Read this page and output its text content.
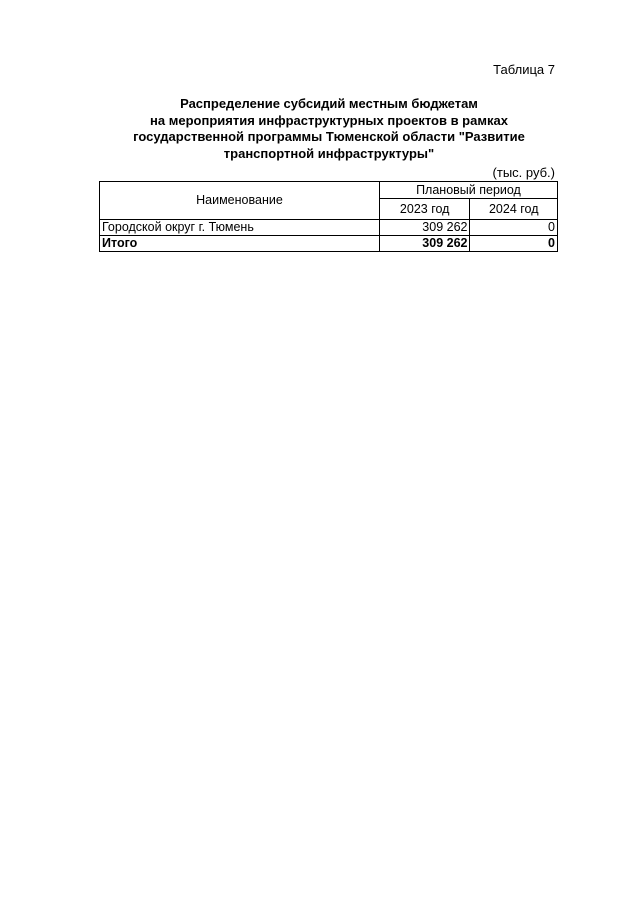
Таблица 7
Распределение субсидий местным бюджетам
на мероприятия инфраструктурных проектов в рамках
государственной программы Тюменской области "Развитие
транспортной инфраструктуры"
(тыс. руб.)
Наименование	Плановый период	
	2023 год	2024 год
Городской округ г. Тюмень	309 262	0
Итого	309 262	0
